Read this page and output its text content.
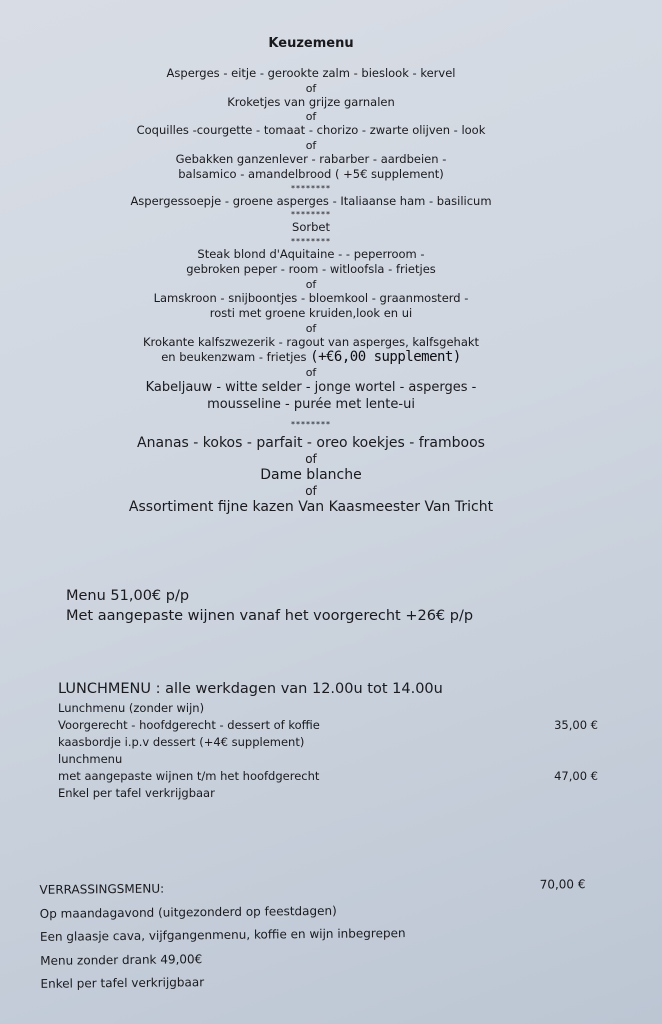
Keuzemenu
Asperges - eitje - gerookte zalm - bieslook - kervel
of
Kroketjes van grijze garnalen
of
Coquilles -courgette - tomaat - chorizo - zwarte olijven - look
of
Gebakken ganzenlever - rabarber - aardbeien -
balsamico - amandelbrood ( +5€ supplement)
********
Aspergessoepje - groene asperges - Italiaanse ham - basilicum
********
Sorbet
********
Steak blond d'Aquitaine - - peperroom -
gebroken peper - room - witloofsla - frietjes
of
Lamskroon - snijboontjes - bloemkool - graanmosterd -
rosti met groene kruiden,look en ui
of
Krokante kalfszwezerik - ragout van asperges, kalfsgehakt
en beukenzwam - frietjes (+€6,00 supplement)
of
Kabeljauw - witte selder - jonge wortel - asperges -
mousseline - purée met lente-ui
********
Ananas - kokos - parfait - oreo koekjes - framboos
of
Dame blanche
of
Assortiment fijne kazen Van Kaasmeester Van Tricht
Menu 51,00€ p/p
Met aangepaste wijnen vanaf het voorgerecht +26€ p/p
LUNCHMENU : alle werkdagen van 12.00u tot 14.00u
Lunchmenu (zonder wijn)
Voorgerecht - hoofdgerecht - dessert of koffie	35,00 €
kaasbordje i.p.v dessert (+4€ supplement)
lunchmenu
met aangepaste wijnen t/m het hoofdgerecht	47,00 €
Enkel per tafel verkrijgbaar
VERRASSINGSMENU:	70,00 €
Op maandagavond (uitgezonderd op feestdagen)
Een glaasje cava, vijfgangenmenu, koffie en wijn inbegrepen
Menu zonder drank 49,00€
Enkel per tafel verkrijgbaar
